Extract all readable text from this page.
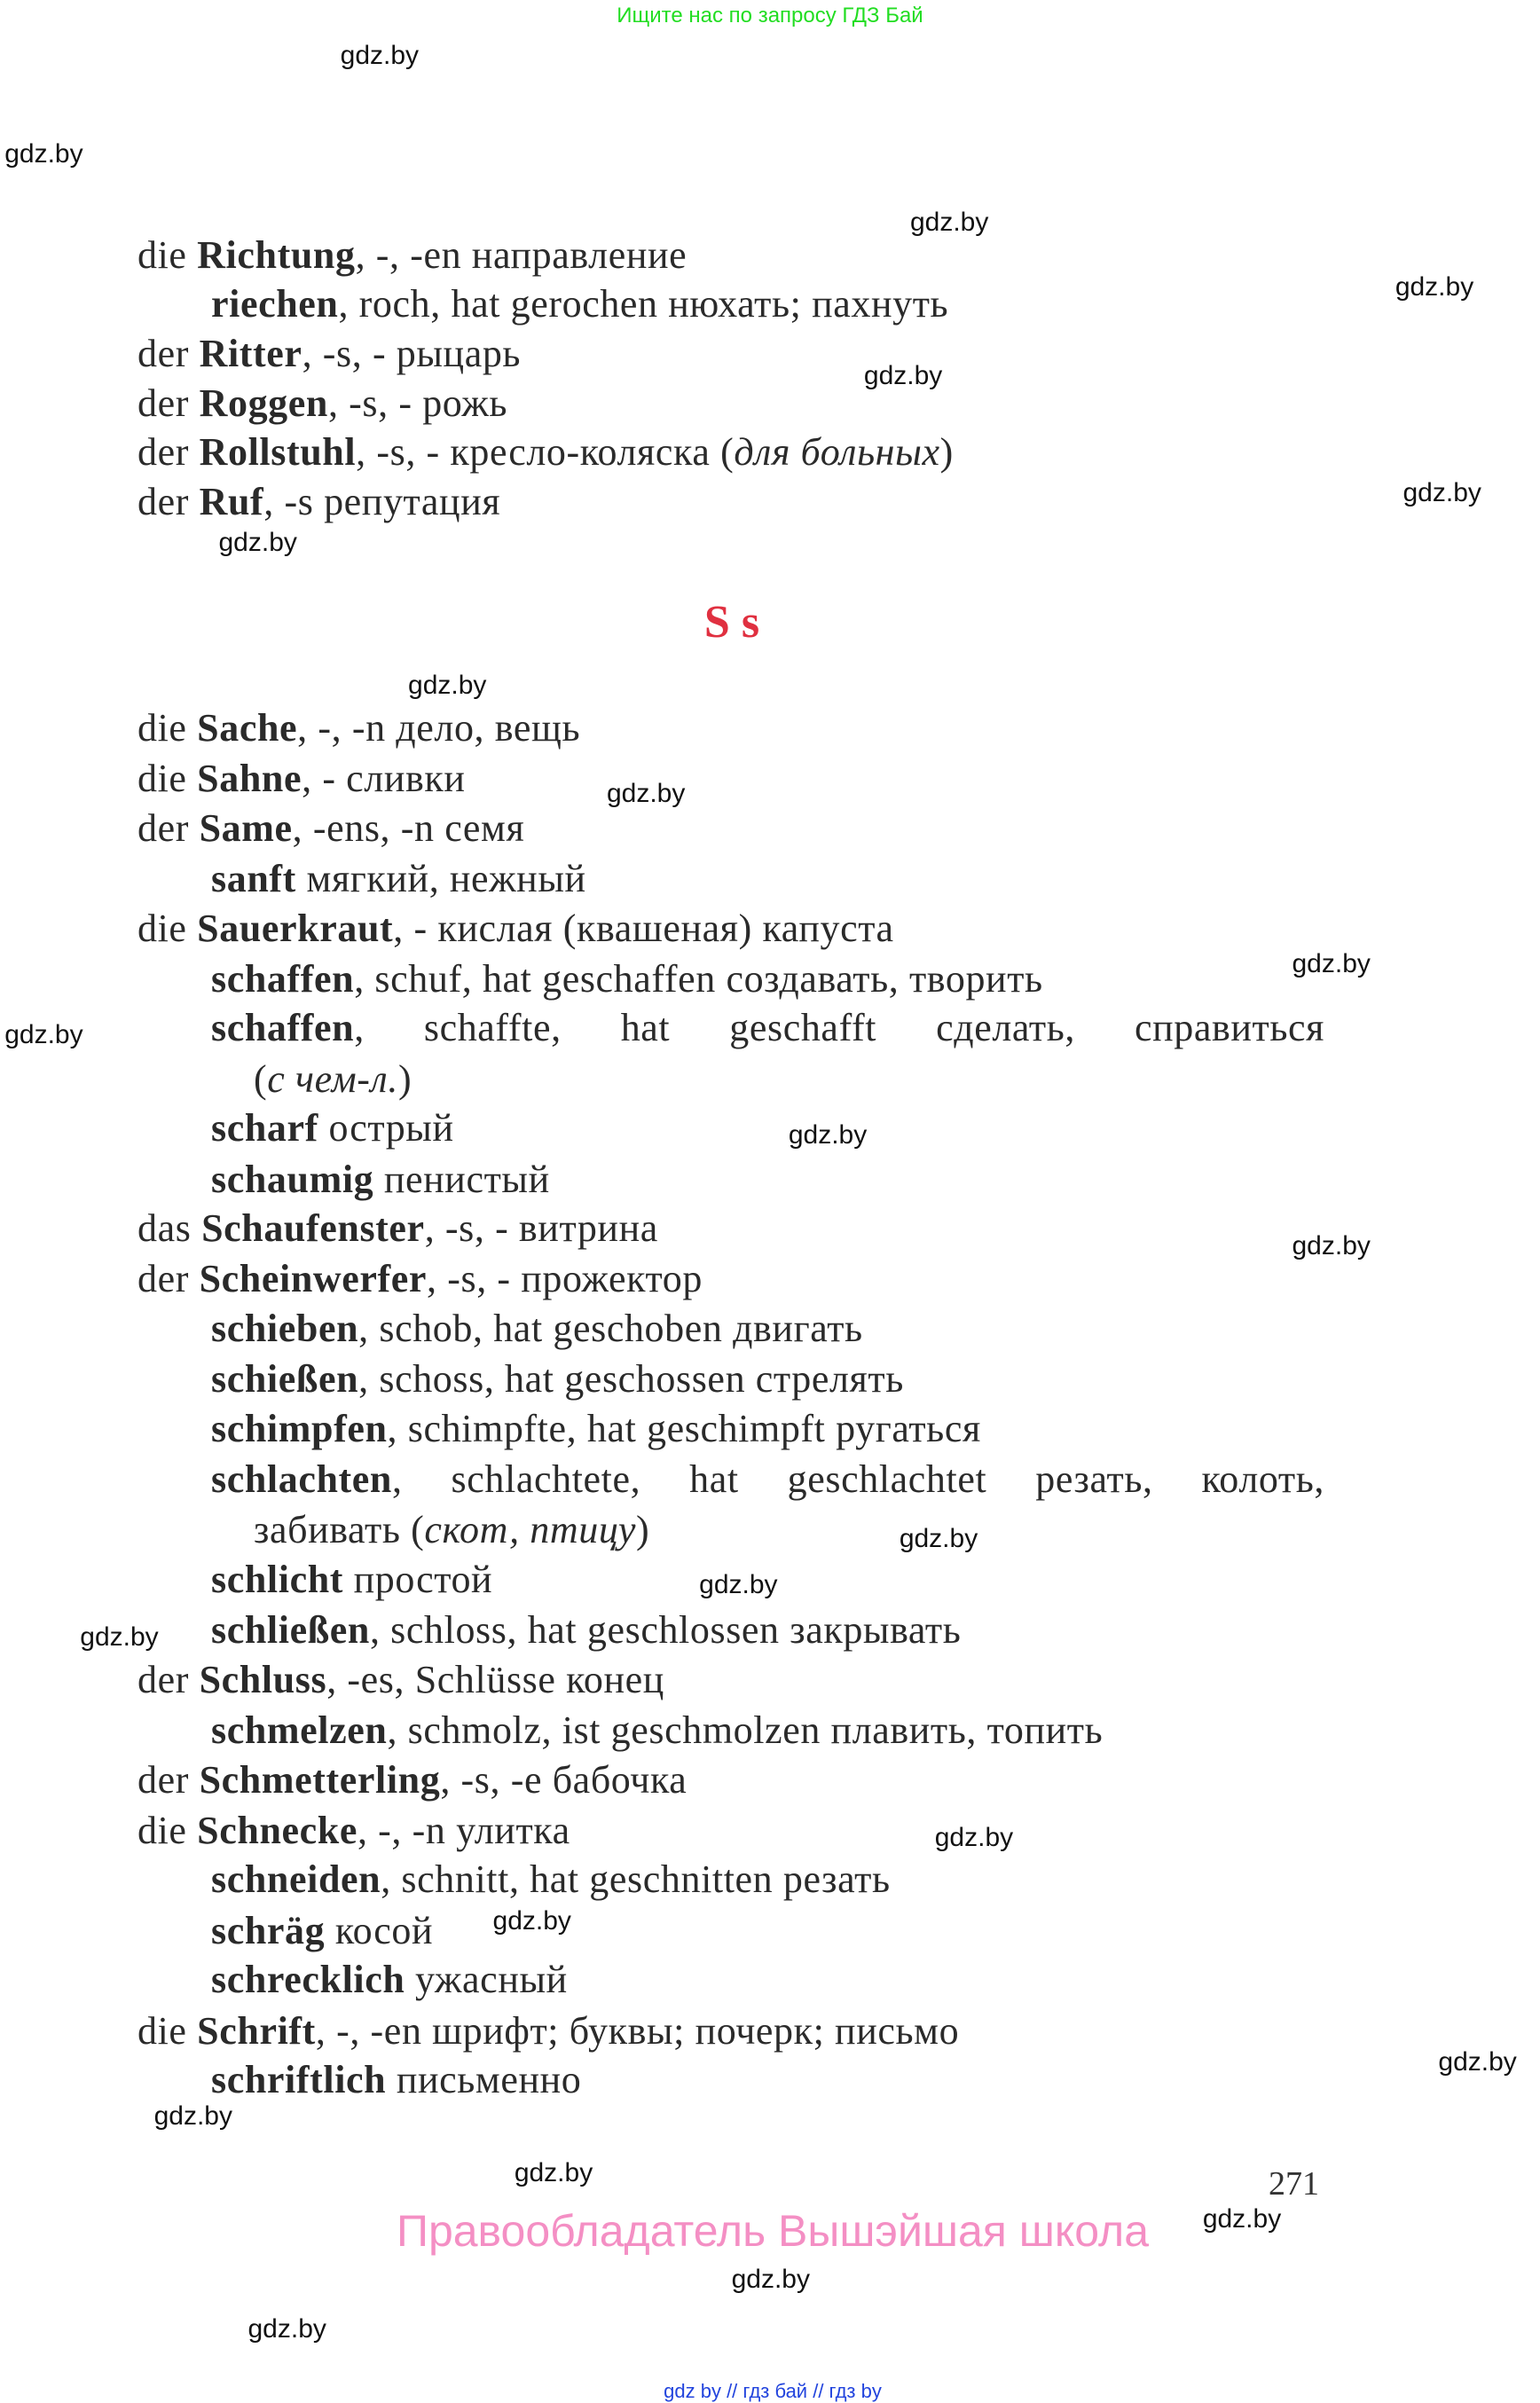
Ищите нас по запросу ГДЗ Бай
die Richtung, -, -en направление
riechen, roch, hat gerochen нюхать; пахнуть
der Ritter, -s, - рыцарь
der Roggen, -s, - рожь
der Rollstuhl, -s, - кресло-коляска (для больных)
der Ruf, -s репутация
die Sache, -, -n дело, вещь
die Sahne, - сливки
der Same, -ens, -n семя
sanft мягкий, нежный
die Sauerkraut, - кислая (квашеная) капуста
schaffen, schuf, hat geschaffen создавать, творить
schaffen, schaffte, hat geschafft сделать, справиться
(с чем-л.)
scharf острый
schaumig пенистый
das Schaufenster, -s, - витрина
der Scheinwerfer, -s, - прожектор
schieben, schob, hat geschoben двигать
schießen, schoss, hat geschossen стрелять
schimpfen, schimpfte, hat geschimpft ругаться
schlachten, schlachtete, hat geschlachtet резать, колоть,
забивать (скот, птицу)
schlicht простой
schließen, schloss, hat geschlossen закрывать
der Schluss, -es, Schlüsse конец
schmelzen, schmolz, ist geschmolzen плавить, топить
der Schmetterling, -s, -e бабочка
die Schnecke, -, -n улитка
schneiden, schnitt, hat geschnitten резать
schräg косой
schrecklich ужасный
die Schrift, -, -en шрифт; буквы; почерк; письмо
schriftlich письменно
S s
271
Правообладатель Вышэйшая школа
gdz by // гдз бай // гдз by
gdz.by
gdz.by
gdz.by
gdz.by
gdz.by
gdz.by
gdz.by
gdz.by
gdz.by
gdz.by
gdz.by
gdz.by
gdz.by
gdz.by
gdz.by
gdz.by
gdz.by
gdz.by
gdz.by
gdz.by
gdz.by
gdz.by
gdz.by
gdz.by
